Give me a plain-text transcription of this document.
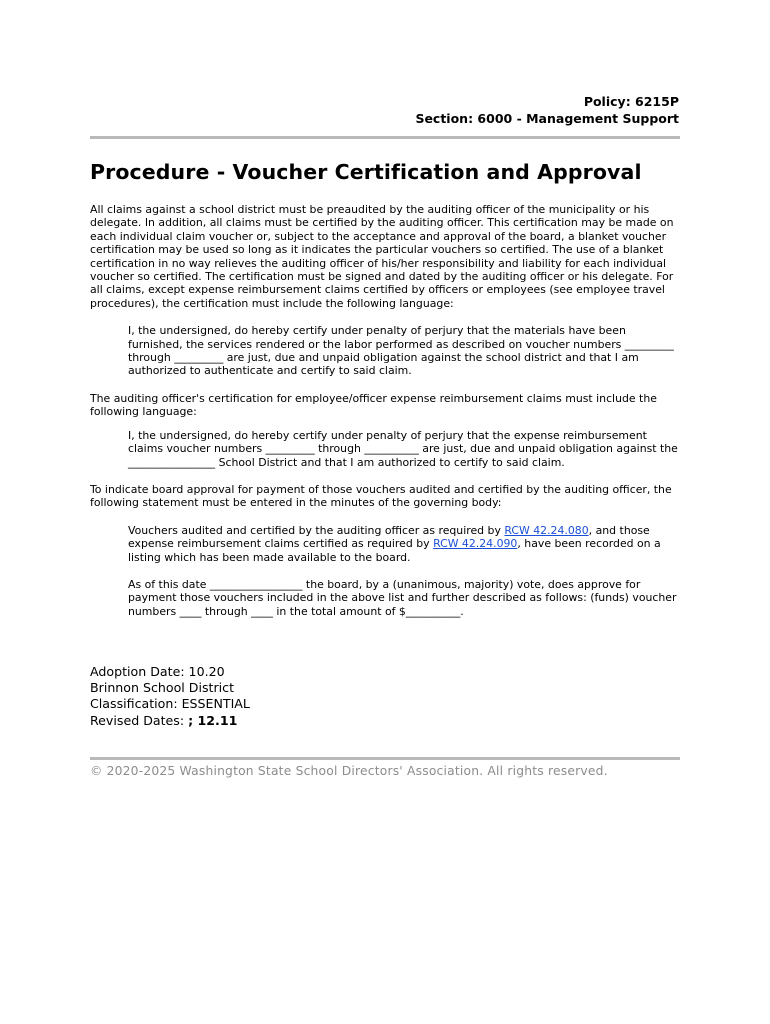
Policy: 6215P
Section: 6000 - Management Support
Procedure - Voucher Certification and Approval

All claims against a school district must be preaudited by the auditing officer of the municipality or his delegate. In addition, all claims must be certified by the auditing officer. This certification may be made on each individual claim voucher or, subject to the acceptance and approval of the board, a blanket voucher certification may be used so long as it indicates the particular vouchers so certified. The use of a blanket certification in no way relieves the auditing officer of his/her responsibility and liability for each individual voucher so certified. The certification must be signed and dated by the auditing officer or his delegate. For all claims, except expense reimbursement claims certified by officers or employees (see employee travel procedures), the certification must include the following language:

I, the undersigned, do hereby certify under penalty of perjury that the materials have been furnished, the services rendered or the labor performed as described on voucher numbers _________ through _________ are just, due and unpaid obligation against the school district and that I am authorized to authenticate and certify to said claim.

The auditing officer's certification for employee/officer expense reimbursement claims must include the following language:

I, the undersigned, do hereby certify under penalty of perjury that the expense reimbursement claims voucher numbers _________ through __________ are just, due and unpaid obligation against the ________________ School District and that I am authorized to certify to said claim.

To indicate board approval for payment of those vouchers audited and certified by the auditing officer, the following statement must be entered in the minutes of the governing body:

Vouchers audited and certified by the auditing officer as required by RCW 42.24.080, and those expense reimbursement claims certified as required by RCW 42.24.090, have been recorded on a listing which has been made available to the board.

As of this date _________________ the board, by a (unanimous, majority) vote, does approve for payment those vouchers included in the above list and further described as follows: (funds) voucher numbers ____ through ____ in the total amount of $__________.

Adoption Date: 10.20
Brinnon School District
Classification: ESSENTIAL
Revised Dates: ; 12.11
© 2020-2025 Washington State School Directors' Association. All rights reserved.
